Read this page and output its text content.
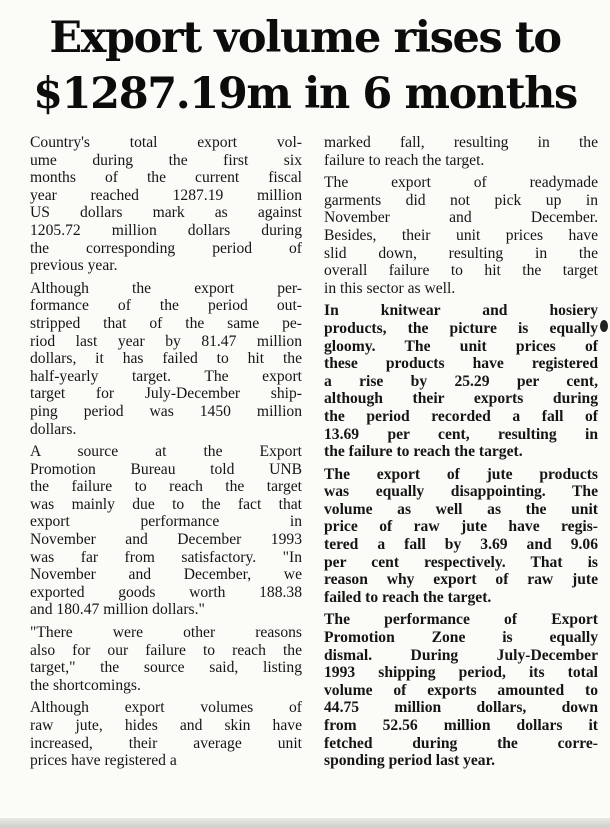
Export volume rises to
$1287.19m in 6 months

Country's total export vol-
ume during the first six
months of the current fiscal
year reached 1287.19 million
US dollars mark as against
1205.72 million dollars during
the corresponding period of
previous year.

Although the export per-
formance of the period out-
stripped that of the same pe-
riod last year by 81.47 million
dollars, it has failed to hit the
half-yearly target. The export
target for July-December ship-
ping period was 1450 million
dollars.

A source at the Export
Promotion Bureau told UNB
the failure to reach the target
was mainly due to the fact that
export performance in
November and December 1993
was far from satisfactory. "In
November and December, we
exported goods worth 188.38
and 180.47 million dollars."

"There were other reasons
also for our failure to reach the
target," the source said, listing
the shortcomings.

Although export volumes of
raw jute, hides and skin have
increased, their average unit
prices have registered a

marked fall, resulting in the
failure to reach the target.

The export of readymade
garments did not pick up in
November and December.
Besides, their unit prices have
slid down, resulting in the
overall failure to hit the target
in this sector as well.

In knitwear and hosiery
products, the picture is equally
gloomy. The unit prices of
these products have registered
a rise by 25.29 per cent,
although their exports during
the period recorded a fall of
13.69 per cent, resulting in
the failure to reach the target.

The export of jute products
was equally disappointing. The
volume as well as the unit
price of raw jute have regis-
tered a fall by 3.69 and 9.06
per cent respectively. That is
reason why export of raw jute
failed to reach the target.

The performance of Export
Promotion Zone is equally
dismal. During July-December
1993 shipping period, its total
volume of exports amounted to
44.75 million dollars, down
from 52.56 million dollars it
fetched during the corre-
sponding period last year.
